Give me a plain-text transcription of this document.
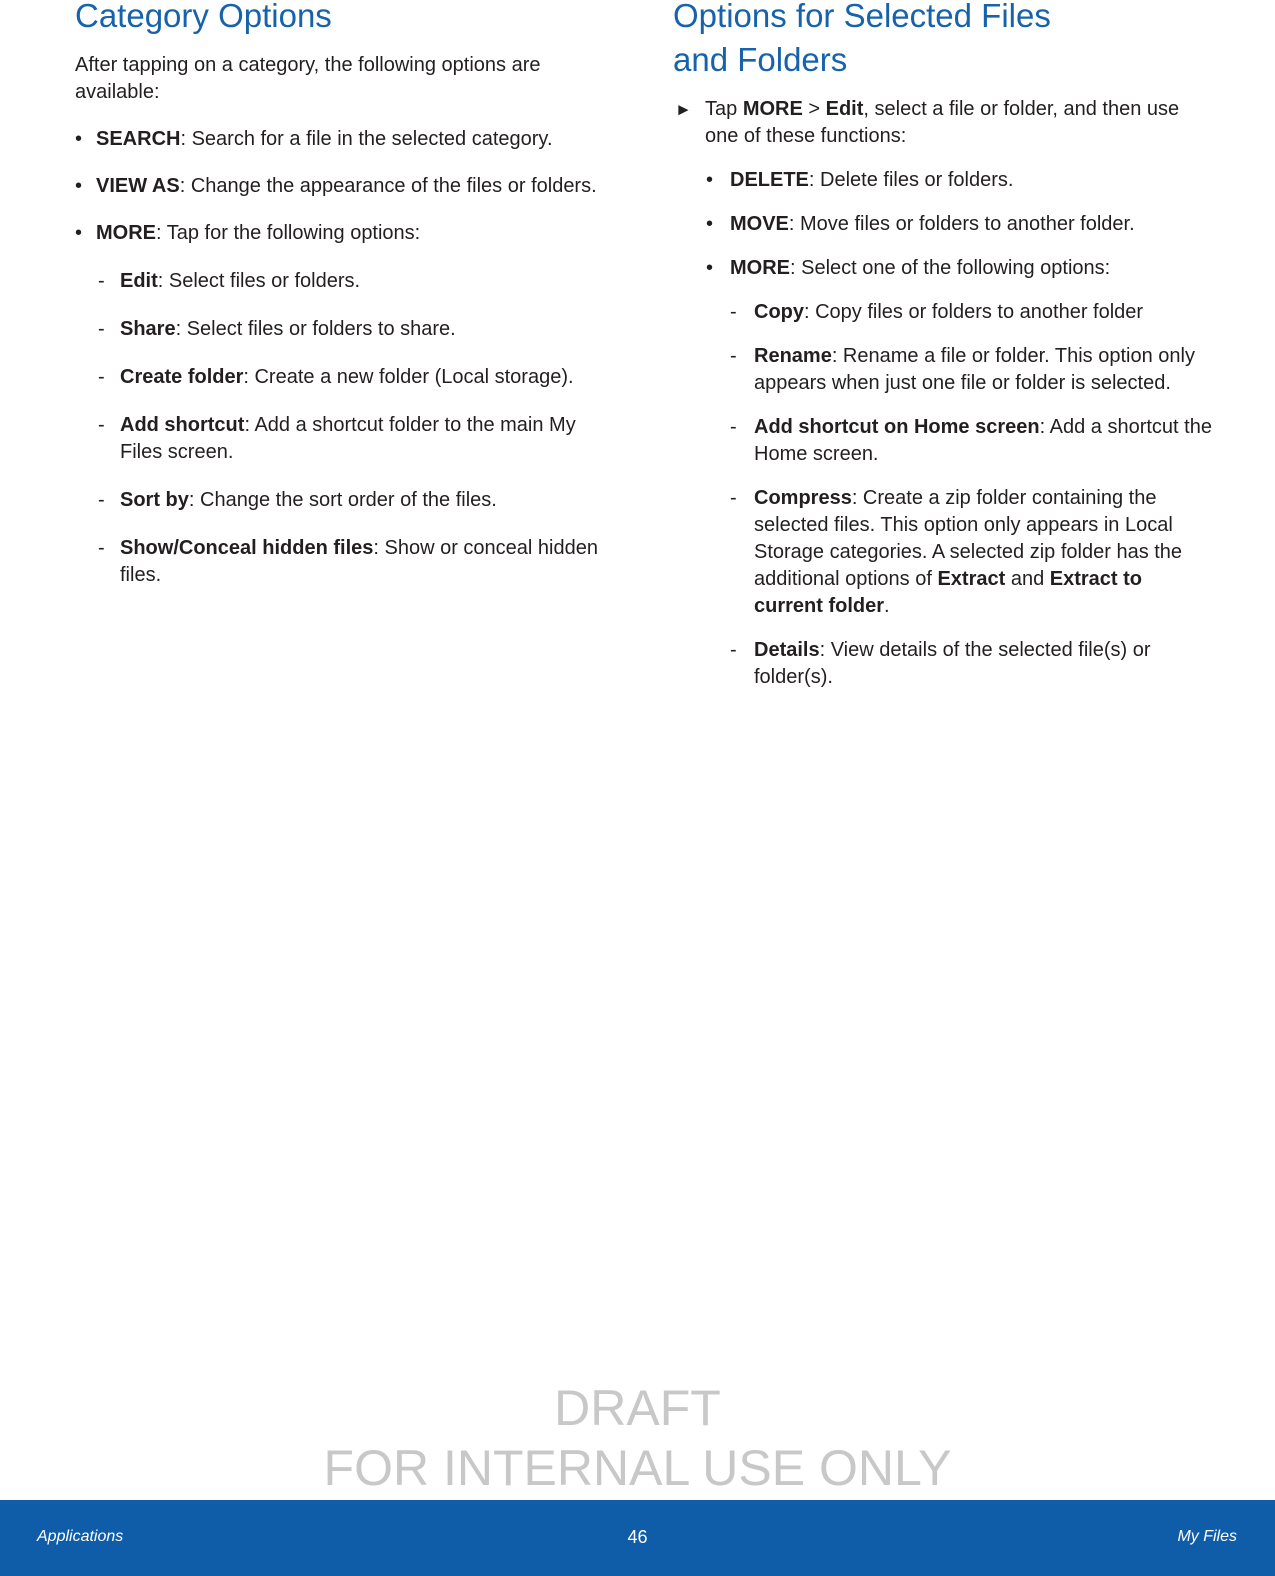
Category Options

After tapping on a category, the following options are available:

• SEARCH: Search for a file in the selected category.
• VIEW AS: Change the appearance of the files or folders.
• MORE: Tap for the following options:
- Edit: Select files or folders.
- Share: Select files or folders to share.
- Create folder: Create a new folder (Local storage).
- Add shortcut: Add a shortcut folder to the main My Files screen.
- Sort by: Change the sort order of the files.
- Show/Conceal hidden files: Show or conceal hidden files.
Options for Selected Files
and Folders
► Tap MORE > Edit, select a file or folder, and then use one of these functions:
• DELETE: Delete files or folders.
• MOVE: Move files or folders to another folder.
• MORE: Select one of the following options:
- Copy: Copy files or folders to another folder
- Rename: Rename a file or folder. This option only appears when just one file or folder is selected.
- Add shortcut on Home screen: Add a shortcut the Home screen.
- Compress: Create a zip folder containing the selected files. This option only appears in Local Storage categories. A selected zip folder has the additional options of Extract and Extract to current folder.
- Details: View details of the selected file(s) or folder(s).
DRAFT
FOR INTERNAL USE ONLY
Applications	46	My Files
